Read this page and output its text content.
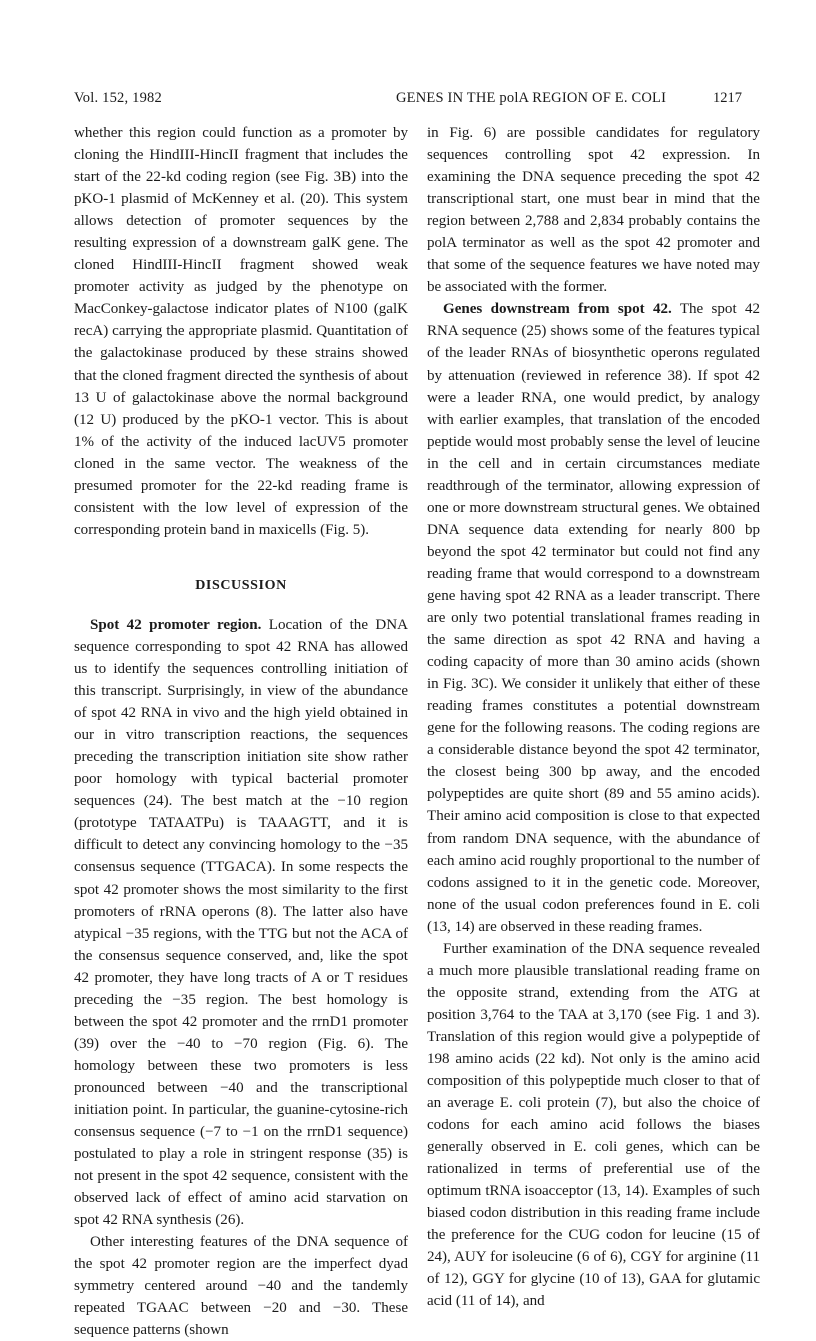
Vol. 152, 1982	GENES IN THE polA REGION OF E. COLI	1217

whether this region could function as a promoter by cloning the HindIII-HincII fragment that includes the start of the 22-kd coding region (see Fig. 3B) into the pKO-1 plasmid of McKenney et al. (20). This system allows detection of promoter sequences by the resulting expression of a downstream galK gene. The cloned HindIII-HincII fragment showed weak promoter activity as judged by the phenotype on MacConkey-galactose indicator plates of N100 (galK recA) carrying the appropriate plasmid. Quantitation of the galactokinase produced by these strains showed that the cloned fragment directed the synthesis of about 13 U of galactokinase above the normal background (12 U) produced by the pKO-1 vector. This is about 1% of the activity of the induced lacUV5 promoter cloned in the same vector. The weakness of the presumed promoter for the 22-kd reading frame is consistent with the low level of expression of the corresponding protein band in maxicells (Fig. 5).

DISCUSSION

Spot 42 promoter region. Location of the DNA sequence corresponding to spot 42 RNA has allowed us to identify the sequences controlling initiation of this transcript. Surprisingly, in view of the abundance of spot 42 RNA in vivo and the high yield obtained in our in vitro transcription reactions, the sequences preceding the transcription initiation site show rather poor homology with typical bacterial promoter sequences (24). The best match at the −10 region (prototype TATAATPu) is TAAAGTT, and it is difficult to detect any convincing homology to the −35 consensus sequence (TTGACA). In some respects the spot 42 promoter shows the most similarity to the first promoters of rRNA operons (8). The latter also have atypical −35 regions, with the TTG but not the ACA of the consensus sequence conserved, and, like the spot 42 promoter, they have long tracts of A or T residues preceding the −35 region. The best homology is between the spot 42 promoter and the rrnD1 promoter (39) over the −40 to −70 region (Fig. 6). The homology between these two promoters is less pronounced between −40 and the transcriptional initiation point. In particular, the guanine-cytosine-rich consensus sequence (−7 to −1 on the rrnD1 sequence) postulated to play a role in stringent response (35) is not present in the spot 42 sequence, consistent with the observed lack of effect of amino acid starvation on spot 42 RNA synthesis (26).

Other interesting features of the DNA sequence of the spot 42 promoter region are the imperfect dyad symmetry centered around −40 and the tandemly repeated TGAAC between −20 and −30. These sequence patterns (shown

in Fig. 6) are possible candidates for regulatory sequences controlling spot 42 expression. In examining the DNA sequence preceding the spot 42 transcriptional start, one must bear in mind that the region between 2,788 and 2,834 probably contains the polA terminator as well as the spot 42 promoter and that some of the sequence features we have noted may be associated with the former.

Genes downstream from spot 42. The spot 42 RNA sequence (25) shows some of the features typical of the leader RNAs of biosynthetic operons regulated by attenuation (reviewed in reference 38). If spot 42 were a leader RNA, one would predict, by analogy with earlier examples, that translation of the encoded peptide would most probably sense the level of leucine in the cell and in certain circumstances mediate readthrough of the terminator, allowing expression of one or more downstream structural genes. We obtained DNA sequence data extending for nearly 800 bp beyond the spot 42 terminator but could not find any reading frame that would correspond to a downstream gene having spot 42 RNA as a leader transcript. There are only two potential translational frames reading in the same direction as spot 42 RNA and having a coding capacity of more than 30 amino acids (shown in Fig. 3C). We consider it unlikely that either of these reading frames constitutes a potential downstream gene for the following reasons. The coding regions are a considerable distance beyond the spot 42 terminator, the closest being 300 bp away, and the encoded polypeptides are quite short (89 and 55 amino acids). Their amino acid composition is close to that expected from random DNA sequence, with the abundance of each amino acid roughly proportional to the number of codons assigned to it in the genetic code. Moreover, none of the usual codon preferences found in E. coli (13, 14) are observed in these reading frames.

Further examination of the DNA sequence revealed a much more plausible translational reading frame on the opposite strand, extending from the ATG at position 3,764 to the TAA at 3,170 (see Fig. 1 and 3). Translation of this region would give a polypeptide of 198 amino acids (22 kd). Not only is the amino acid composition of this polypeptide much closer to that of an average E. coli protein (7), but also the choice of codons for each amino acid follows the biases generally observed in E. coli genes, which can be rationalized in terms of preferential use of the optimum tRNA isoacceptor (13, 14). Examples of such biased codon distribution in this reading frame include the preference for the CUG codon for leucine (15 of 24), AUY for isoleucine (6 of 6), CGY for arginine (11 of 12), GGY for glycine (10 of 13), GAA for glutamic acid (11 of 14), and
